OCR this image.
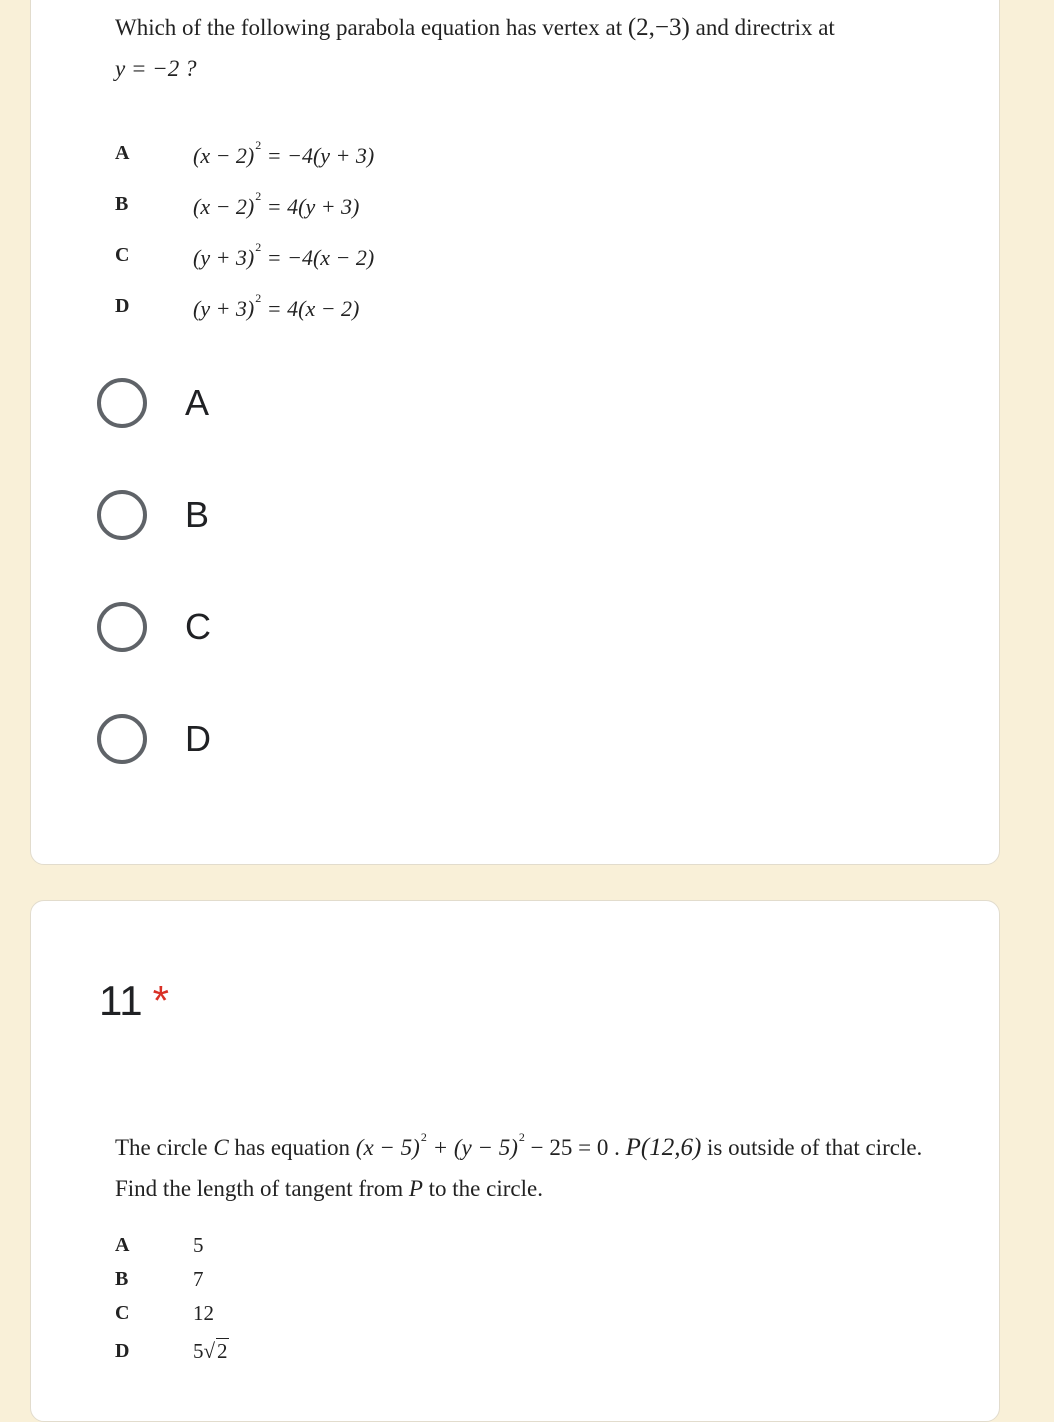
Which of the following parabola equation has vertex at (2,−3) and directrix at
y = −2 ?
A	$(x - 2)^2 = -4(y + 3)$
B	$(x - 2)^2 = 4(y + 3)$
C	$(y + 3)^2 = -4(x - 2)$
D	$(y + 3)^2 = 4(x - 2)$
A
B
C
D
11 *
The circle C has equation $(x - 5)^2 + (y - 5)^2 - 25 = 0$ . P(12,6) is outside of that circle. Find the length of tangent from P to the circle.
A	5
B	7
C	12
D	5√2
